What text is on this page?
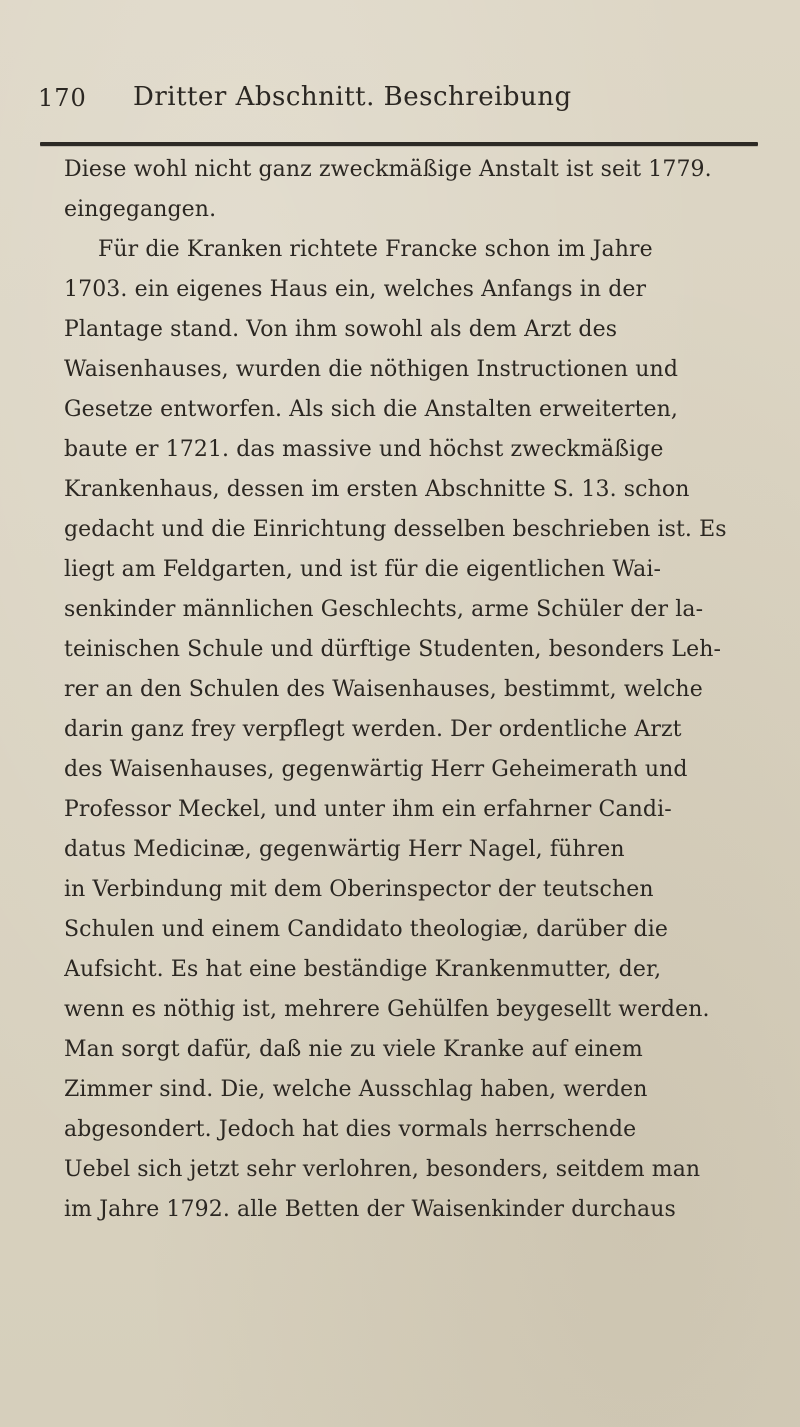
170 Dritter Abschnitt. Beschreibung
Diese wohl nicht ganz zweckmäßige Anstalt ist seit 1779.
eingegangen.
Für die Kranken richtete Francke schon im Jahre
1703. ein eigenes Haus ein, welches Anfangs in der
Plantage stand. Von ihm sowohl als dem Arzt des
Waisenhauses, wurden die nöthigen Instructionen und
Gesetze entworfen. Als sich die Anstalten erweiterten,
baute er 1721. das massive und höchst zweckmäßige
Krankenhaus, dessen im ersten Abschnitte S. 13. schon
gedacht und die Einrichtung desselben beschrieben ist. Es
liegt am Feldgarten, und ist für die eigentlichen Wai-
senkinder männlichen Geschlechts, arme Schüler der la-
teinischen Schule und dürftige Studenten, besonders Leh-
rer an den Schulen des Waisenhauses, bestimmt, welche
darin ganz frey verpflegt werden. Der ordentliche Arzt
des Waisenhauses, gegenwärtig Herr Geheimerath und
Professor Meckel, und unter ihm ein erfahrner Candi-
datus Medicinæ, gegenwärtig Herr Nagel, führen
in Verbindung mit dem Oberinspector der teutschen
Schulen und einem Candidato theologiæ, darüber die
Aufsicht. Es hat eine beständige Krankenmutter, der,
wenn es nöthig ist, mehrere Gehülfen beygesellt werden.
Man sorgt dafür, daß nie zu viele Kranke auf einem
Zimmer sind. Die, welche Ausschlag haben, werden
abgesondert. Jedoch hat dies vormals herrschende
Uebel sich jetzt sehr verlohren, besonders, seitdem man
im Jahre 1792. alle Betten der Waisenkinder durchaus
